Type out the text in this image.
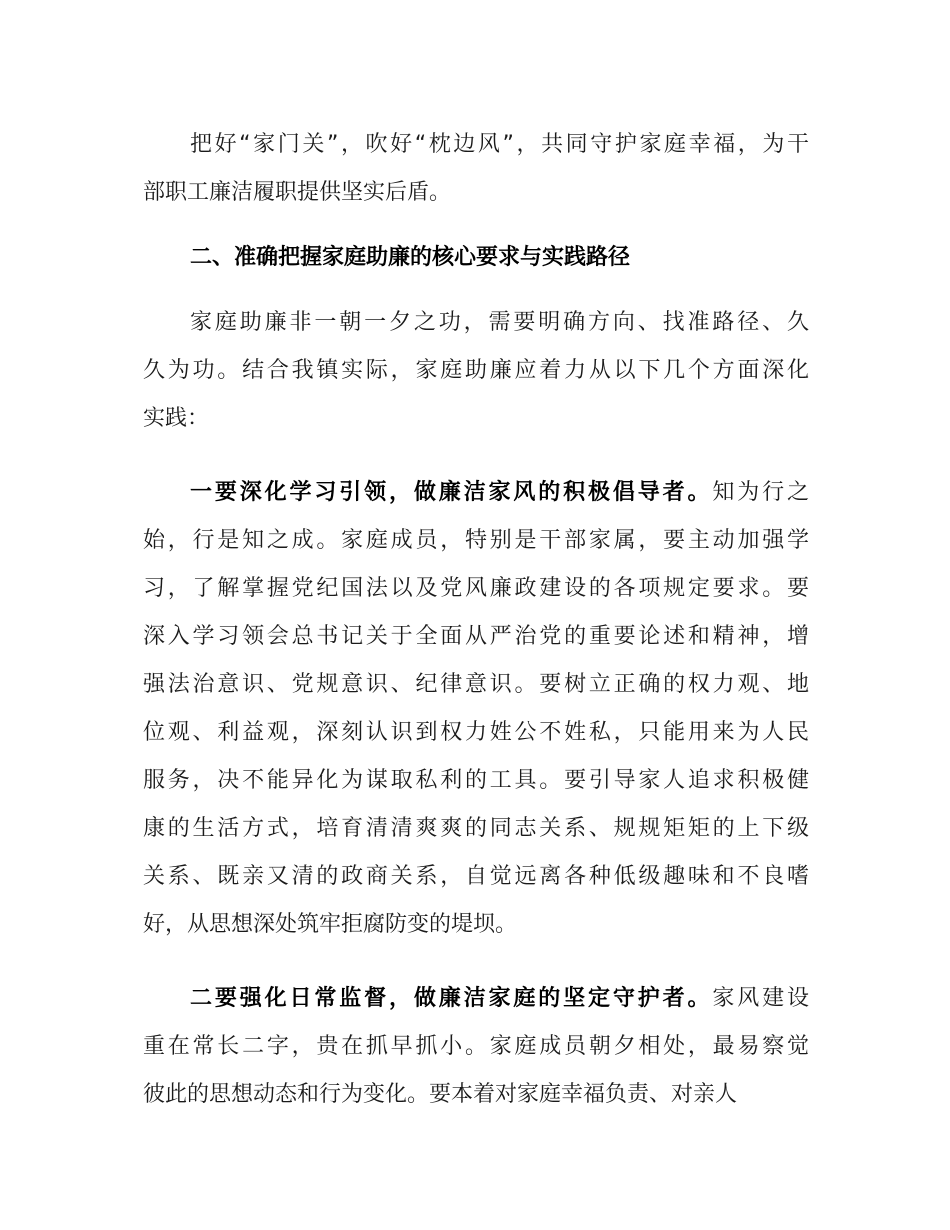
把好“家门关”，吹好“枕边风”，共同守护家庭幸福，为干
部职工廉洁履职提供坚实后盾。
二、准确把握家庭助廉的核心要求与实践路径
家庭助廉非一朝一夕之功，需要明确方向、找准路径、久
久为功。结合我镇实际，家庭助廉应着力从以下几个方面深化
实践：
一要深化学习引领，做廉洁家风的积极倡导者。知为行之
始，行是知之成。家庭成员，特别是干部家属，要主动加强学
习，了解掌握党纪国法以及党风廉政建设的各项规定要求。要
深入学习领会总书记关于全面从严治党的重要论述和精神，增
强法治意识、党规意识、纪律意识。要树立正确的权力观、地
位观、利益观，深刻认识到权力姓公不姓私，只能用来为人民
服务，决不能异化为谋取私利的工具。要引导家人追求积极健
康的生活方式，培育清清爽爽的同志关系、规规矩矩的上下级
关系、既亲又清的政商关系，自觉远离各种低级趣味和不良嗜
好，从思想深处筑牢拒腐防变的堤坝。
二要强化日常监督，做廉洁家庭的坚定守护者。家风建设
重在常长二字，贵在抓早抓小。家庭成员朝夕相处，最易察觉
彼此的思想动态和行为变化。要本着对家庭幸福负责、对亲人
